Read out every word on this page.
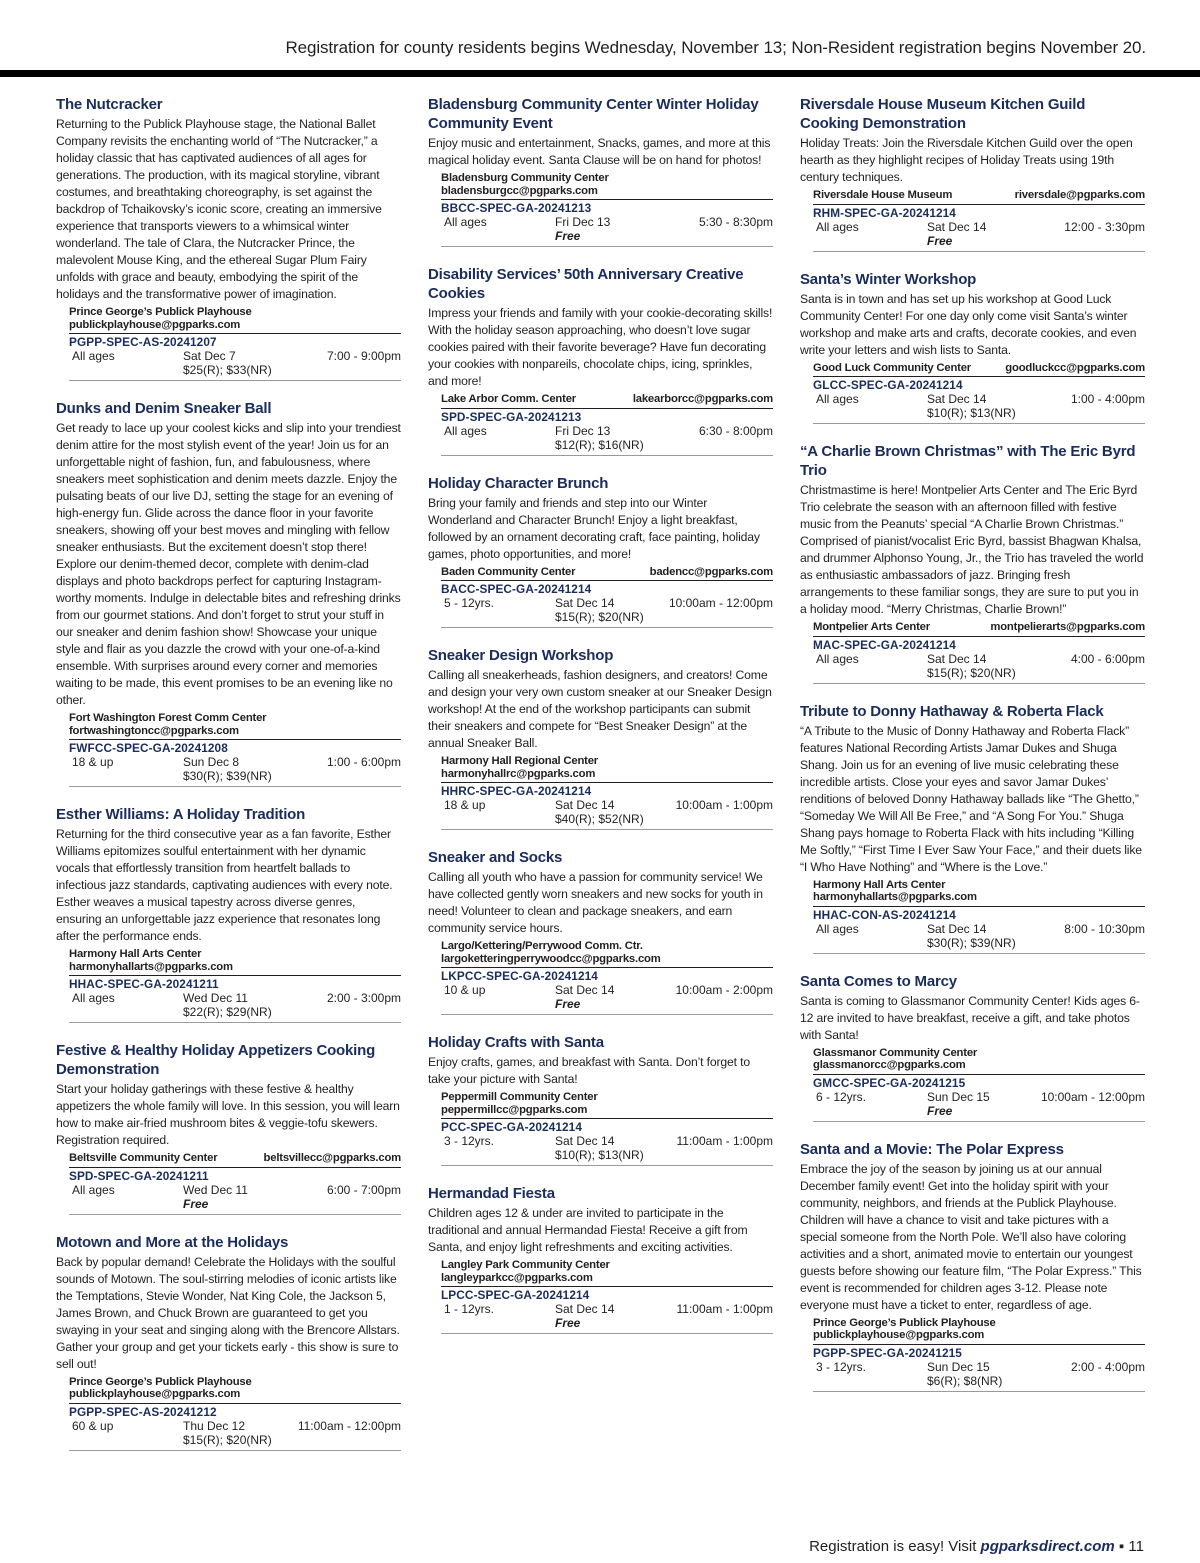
Registration for county residents begins Wednesday, November 13; Non-Resident registration begins November 20.
The Nutcracker
Returning to the Publick Playhouse stage, the National Ballet Company revisits the enchanting world of “The Nutcracker,” a holiday classic that has captivated audiences of all ages for generations. The production, with its magical storyline, vibrant costumes, and breathtaking choreography, is set against the backdrop of Tchaikovsky’s iconic score, creating an immersive experience that transports viewers to a whimsical winter wonderland. The tale of Clara, the Nutcracker Prince, the malevolent Mouse King, and the ethereal Sugar Plum Fairy unfolds with grace and beauty, embodying the spirit of the holidays and the transformative power of imagination.
Prince George’s Publick Playhouse
publickplayhouse@pgparks.com
PGPP-SPEC-AS-20241207
All ages	Sat Dec 7	7:00 - 9:00pm
$25(R); $33(NR)
Dunks and Denim Sneaker Ball
Get ready to lace up your coolest kicks and slip into your trendiest denim attire for the most stylish event of the year! Join us for an unforgettable night of fashion, fun, and fabulousness, where sneakers meet sophistication and denim meets dazzle. Enjoy the pulsating beats of our live DJ, setting the stage for an evening of high-energy fun. Glide across the dance floor in your favorite sneakers, showing off your best moves and mingling with fellow sneaker enthusiasts. But the excitement doesn’t stop there! Explore our denim-themed decor, complete with denim-clad displays and photo backdrops perfect for capturing Instagram-worthy moments. Indulge in delectable bites and refreshing drinks from our gourmet stations. And don’t forget to strut your stuff in our sneaker and denim fashion show! Showcase your unique style and flair as you dazzle the crowd with your one-of-a-kind ensemble. With surprises around every corner and memories waiting to be made, this event promises to be an evening like no other.
Fort Washington Forest Comm Center
fortwashingtoncc@pgparks.com
FWFCC-SPEC-GA-20241208
18 & up	Sun Dec 8	1:00 - 6:00pm
$30(R); $39(NR)
Esther Williams: A Holiday Tradition
Returning for the third consecutive year as a fan favorite, Esther Williams epitomizes soulful entertainment with her dynamic vocals that effortlessly transition from heartfelt ballads to infectious jazz standards, captivating audiences with every note. Esther weaves a musical tapestry across diverse genres, ensuring an unforgettable jazz experience that resonates long after the performance ends.
Harmony Hall Arts Center
harmonyhallarts@pgparks.com
HHAC-SPEC-GA-20241211
All ages	Wed Dec 11	2:00 - 3:00pm
$22(R); $29(NR)
Festive & Healthy Holiday Appetizers Cooking Demonstration
Start your holiday gatherings with these festive & healthy appetizers the whole family will love. In this session, you will learn how to make air-fried mushroom bites & veggie-tofu skewers. Registration required.
Beltsville Community Center	beltsvillecc@pgparks.com
SPD-SPEC-GA-20241211
All ages	Wed Dec 11	6:00 - 7:00pm
Free
Motown and More at the Holidays
Back by popular demand! Celebrate the Holidays with the soulful sounds of Motown. The soul-stirring melodies of iconic artists like the Temptations, Stevie Wonder, Nat King Cole, the Jackson 5, James Brown, and Chuck Brown are guaranteed to get you swaying in your seat and singing along with the Brencore Allstars. Gather your group and get your tickets early - this show is sure to sell out!
Prince George’s Publick Playhouse
publickplayhouse@pgparks.com
PGPP-SPEC-AS-20241212
60 & up	Thu Dec 12	11:00am - 12:00pm
$15(R); $20(NR)
Bladensburg Community Center Winter Holiday Community Event
Enjoy music and entertainment, Snacks, games, and more at this magical holiday event. Santa Clause will be on hand for photos!
Bladensburg Community Center
bladensburgcc@pgparks.com
BBCC-SPEC-GA-20241213
All ages	Fri Dec 13	5:30 - 8:30pm
Free
Disability Services’ 50th Anniversary Creative Cookies
Impress your friends and family with your cookie-decorating skills! With the holiday season approaching, who doesn’t love sugar cookies paired with their favorite beverage? Have fun decorating your cookies with nonpareils, chocolate chips, icing, sprinkles, and more!
Lake Arbor Comm. Center	lakearborcc@pgparks.com
SPD-SPEC-GA-20241213
All ages	Fri Dec 13	6:30 - 8:00pm
$12(R); $16(NR)
Holiday Character Brunch
Bring your family and friends and step into our Winter Wonderland and Character Brunch! Enjoy a light breakfast, followed by an ornament decorating craft, face painting, holiday games, photo opportunities, and more!
Baden Community Center	badencc@pgparks.com
BACC-SPEC-GA-20241214
5 - 12yrs.	Sat Dec 14	10:00am - 12:00pm
$15(R); $20(NR)
Sneaker Design Workshop
Calling all sneakerheads, fashion designers, and creators! Come and design your very own custom sneaker at our Sneaker Design workshop! At the end of the workshop participants can submit their sneakers and compete for “Best Sneaker Design” at the annual Sneaker Ball.
Harmony Hall Regional Center
harmonyhallrc@pgparks.com
HHRC-SPEC-GA-20241214
18 & up	Sat Dec 14	10:00am - 1:00pm
$40(R); $52(NR)
Sneaker and Socks
Calling all youth who have a passion for community service! We have collected gently worn sneakers and new socks for youth in need! Volunteer to clean and package sneakers, and earn community service hours.
Largo/Kettering/Perrywood Comm. Ctr.
largoketteringperrywoodcc@pgparks.com
LKPCC-SPEC-GA-20241214
10 & up	Sat Dec 14	10:00am - 2:00pm
Free
Holiday Crafts with Santa
Enjoy crafts, games, and breakfast with Santa. Don’t forget to take your picture with Santa!
Peppermill Community Center
peppermillcc@pgparks.com
PCC-SPEC-GA-20241214
3 - 12yrs.	Sat Dec 14	11:00am - 1:00pm
$10(R); $13(NR)
Hermandad Fiesta
Children ages 12 & under are invited to participate in the traditional and annual Hermandad Fiesta! Receive a gift from Santa, and enjoy light refreshments and exciting activities.
Langley Park Community Center
langleyparkcc@pgparks.com
LPCC-SPEC-GA-20241214
1 - 12yrs.	Sat Dec 14	11:00am - 1:00pm
Free
Riversdale House Museum Kitchen Guild Cooking Demonstration
Holiday Treats: Join the Riversdale Kitchen Guild over the open hearth as they highlight recipes of Holiday Treats using 19th century techniques.
Riversdale House Museum	riversdale@pgparks.com
RHM-SPEC-GA-20241214
All ages	Sat Dec 14	12:00 - 3:30pm
Free
Santa’s Winter Workshop
Santa is in town and has set up his workshop at Good Luck Community Center! For one day only come visit Santa’s winter workshop and make arts and crafts, decorate cookies, and even write your letters and wish lists to Santa.
Good Luck Community Center	goodluckcc@pgparks.com
GLCC-SPEC-GA-20241214
All ages	Sat Dec 14	1:00 - 4:00pm
$10(R); $13(NR)
“A Charlie Brown Christmas” with The Eric Byrd Trio
Christmastime is here! Montpelier Arts Center and The Eric Byrd Trio celebrate the season with an afternoon filled with festive music from the Peanuts’ special “A Charlie Brown Christmas.” Comprised of pianist/vocalist Eric Byrd, bassist Bhagwan Khalsa, and drummer Alphonso Young, Jr., the Trio has traveled the world as enthusiastic ambassadors of jazz. Bringing fresh arrangements to these familiar songs, they are sure to put you in a holiday mood. “Merry Christmas, Charlie Brown!”
Montpelier Arts Center	montpelierarts@pgparks.com
MAC-SPEC-GA-20241214
All ages	Sat Dec 14	4:00 - 6:00pm
$15(R); $20(NR)
Tribute to Donny Hathaway & Roberta Flack
“A Tribute to the Music of Donny Hathaway and Roberta Flack” features National Recording Artists Jamar Dukes and Shuga Shang. Join us for an evening of live music celebrating these incredible artists. Close your eyes and savor Jamar Dukes’ renditions of beloved Donny Hathaway ballads like “The Ghetto,” “Someday We Will All Be Free,” and “A Song For You.” Shuga Shang pays homage to Roberta Flack with hits including “Killing Me Softly,” “First Time I Ever Saw Your Face,” and their duets like “I Who Have Nothing” and “Where is the Love.”
Harmony Hall Arts Center
harmonyhallarts@pgparks.com
HHAC-CON-AS-20241214
All ages	Sat Dec 14	8:00 - 10:30pm
$30(R); $39(NR)
Santa Comes to Marcy
Santa is coming to Glassmanor Community Center! Kids ages 6-12 are invited to have breakfast, receive a gift, and take photos with Santa!
Glassmanor Community Center
glassmanorcc@pgparks.com
GMCC-SPEC-GA-20241215
6 - 12yrs.	Sun Dec 15	10:00am - 12:00pm
Free
Santa and a Movie: The Polar Express
Embrace the joy of the season by joining us at our annual December family event! Get into the holiday spirit with your community, neighbors, and friends at the Publick Playhouse. Children will have a chance to visit and take pictures with a special someone from the North Pole. We’ll also have coloring activities and a short, animated movie to entertain our youngest guests before showing our feature film, “The Polar Express.” This event is recommended for children ages 3-12. Please note everyone must have a ticket to enter, regardless of age.
Prince George’s Publick Playhouse
publickplayhouse@pgparks.com
PGPP-SPEC-GA-20241215
3 - 12yrs.	Sun Dec 15	2:00 - 4:00pm
$6(R); $8(NR)
Registration is easy! Visit pgparksdirect.com ▪ 11
